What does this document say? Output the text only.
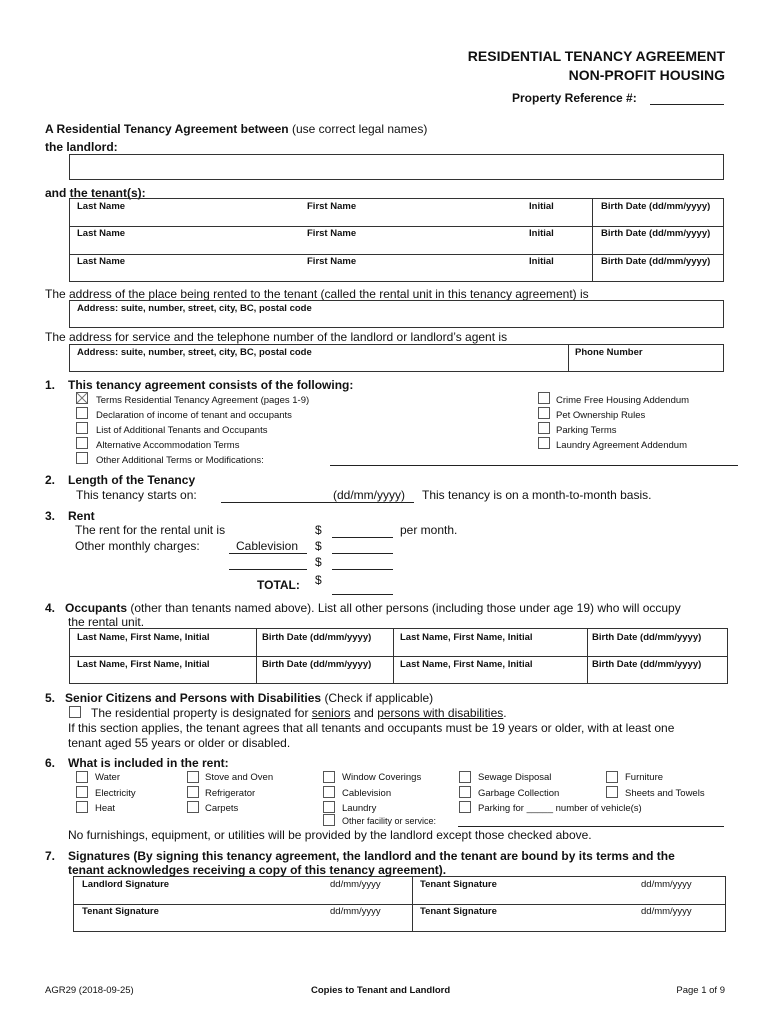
RESIDENTIAL TENANCY AGREEMENT
NON-PROFIT HOUSING
Property Reference #:
A Residential Tenancy Agreement between (use correct legal names)
the landlord:
and the tenant(s):
Last Name	First Name	Initial	Birth Date (dd/mm/yyyy)
Last Name	First Name	Initial	Birth Date (dd/mm/yyyy)
Last Name	First Name	Initial	Birth Date (dd/mm/yyyy)
The address of the place being rented to the tenant (called the rental unit in this tenancy agreement) is
Address: suite, number, street, city, BC, postal code
The address for service and the telephone number of the landlord or landlord’s agent is
Address: suite, number, street, city, BC, postal code	Phone Number
1. This tenancy agreement consists of the following:
Terms Residential Tenancy Agreement (pages 1-9)
Declaration of income of tenant and occupants
List of Additional Tenants and Occupants
Alternative Accommodation Terms
Other Additional Terms or Modifications:
Crime Free Housing Addendum
Pet Ownership Rules
Parking Terms
Laundry Agreement Addendum
2. Length of the Tenancy
This tenancy starts on:	(dd/mm/yyyy) This tenancy is on a month-to-month basis.
3. Rent
The rent for the rental unit is	$	per month.
Other monthly charges:	Cablevision $
$
TOTAL: $
4. Occupants (other than tenants named above). List all other persons (including those under age 19) who will occupy
the rental unit.
Last Name, First Name, Initial	Birth Date (dd/mm/yyyy)	Last Name, First Name, Initial	Birth Date (dd/mm/yyyy)
Last Name, First Name, Initial	Birth Date (dd/mm/yyyy)	Last Name, First Name, Initial	Birth Date (dd/mm/yyyy)
5. Senior Citizens and Persons with Disabilities (Check if applicable)
The residential property is designated for seniors and persons with disabilities.
If this section applies, the tenant agrees that all tenants and occupants must be 19 years or older, with at least one
tenant aged 55 years or older or disabled.
6. What is included in the rent:
Water
Electricity
Heat
Stove and Oven
Refrigerator
Carpets
Window Coverings
Cablevision
Laundry
Other facility or service:
Sewage Disposal
Garbage Collection
Parking for _____ number of vehicle(s)
Furniture
Sheets and Towels
No furnishings, equipment, or utilities will be provided by the landlord except those checked above.
7. Signatures (By signing this tenancy agreement, the landlord and the tenant are bound by its terms and the
tenant acknowledges receiving a copy of this tenancy agreement).
Landlord Signature	dd/mm/yyyy	Tenant Signature	dd/mm/yyyy
Tenant Signature	dd/mm/yyyy	Tenant Signature	dd/mm/yyyy
AGR29 (2018-09-25)	Copies to Tenant and Landlord	Page 1 of 9
